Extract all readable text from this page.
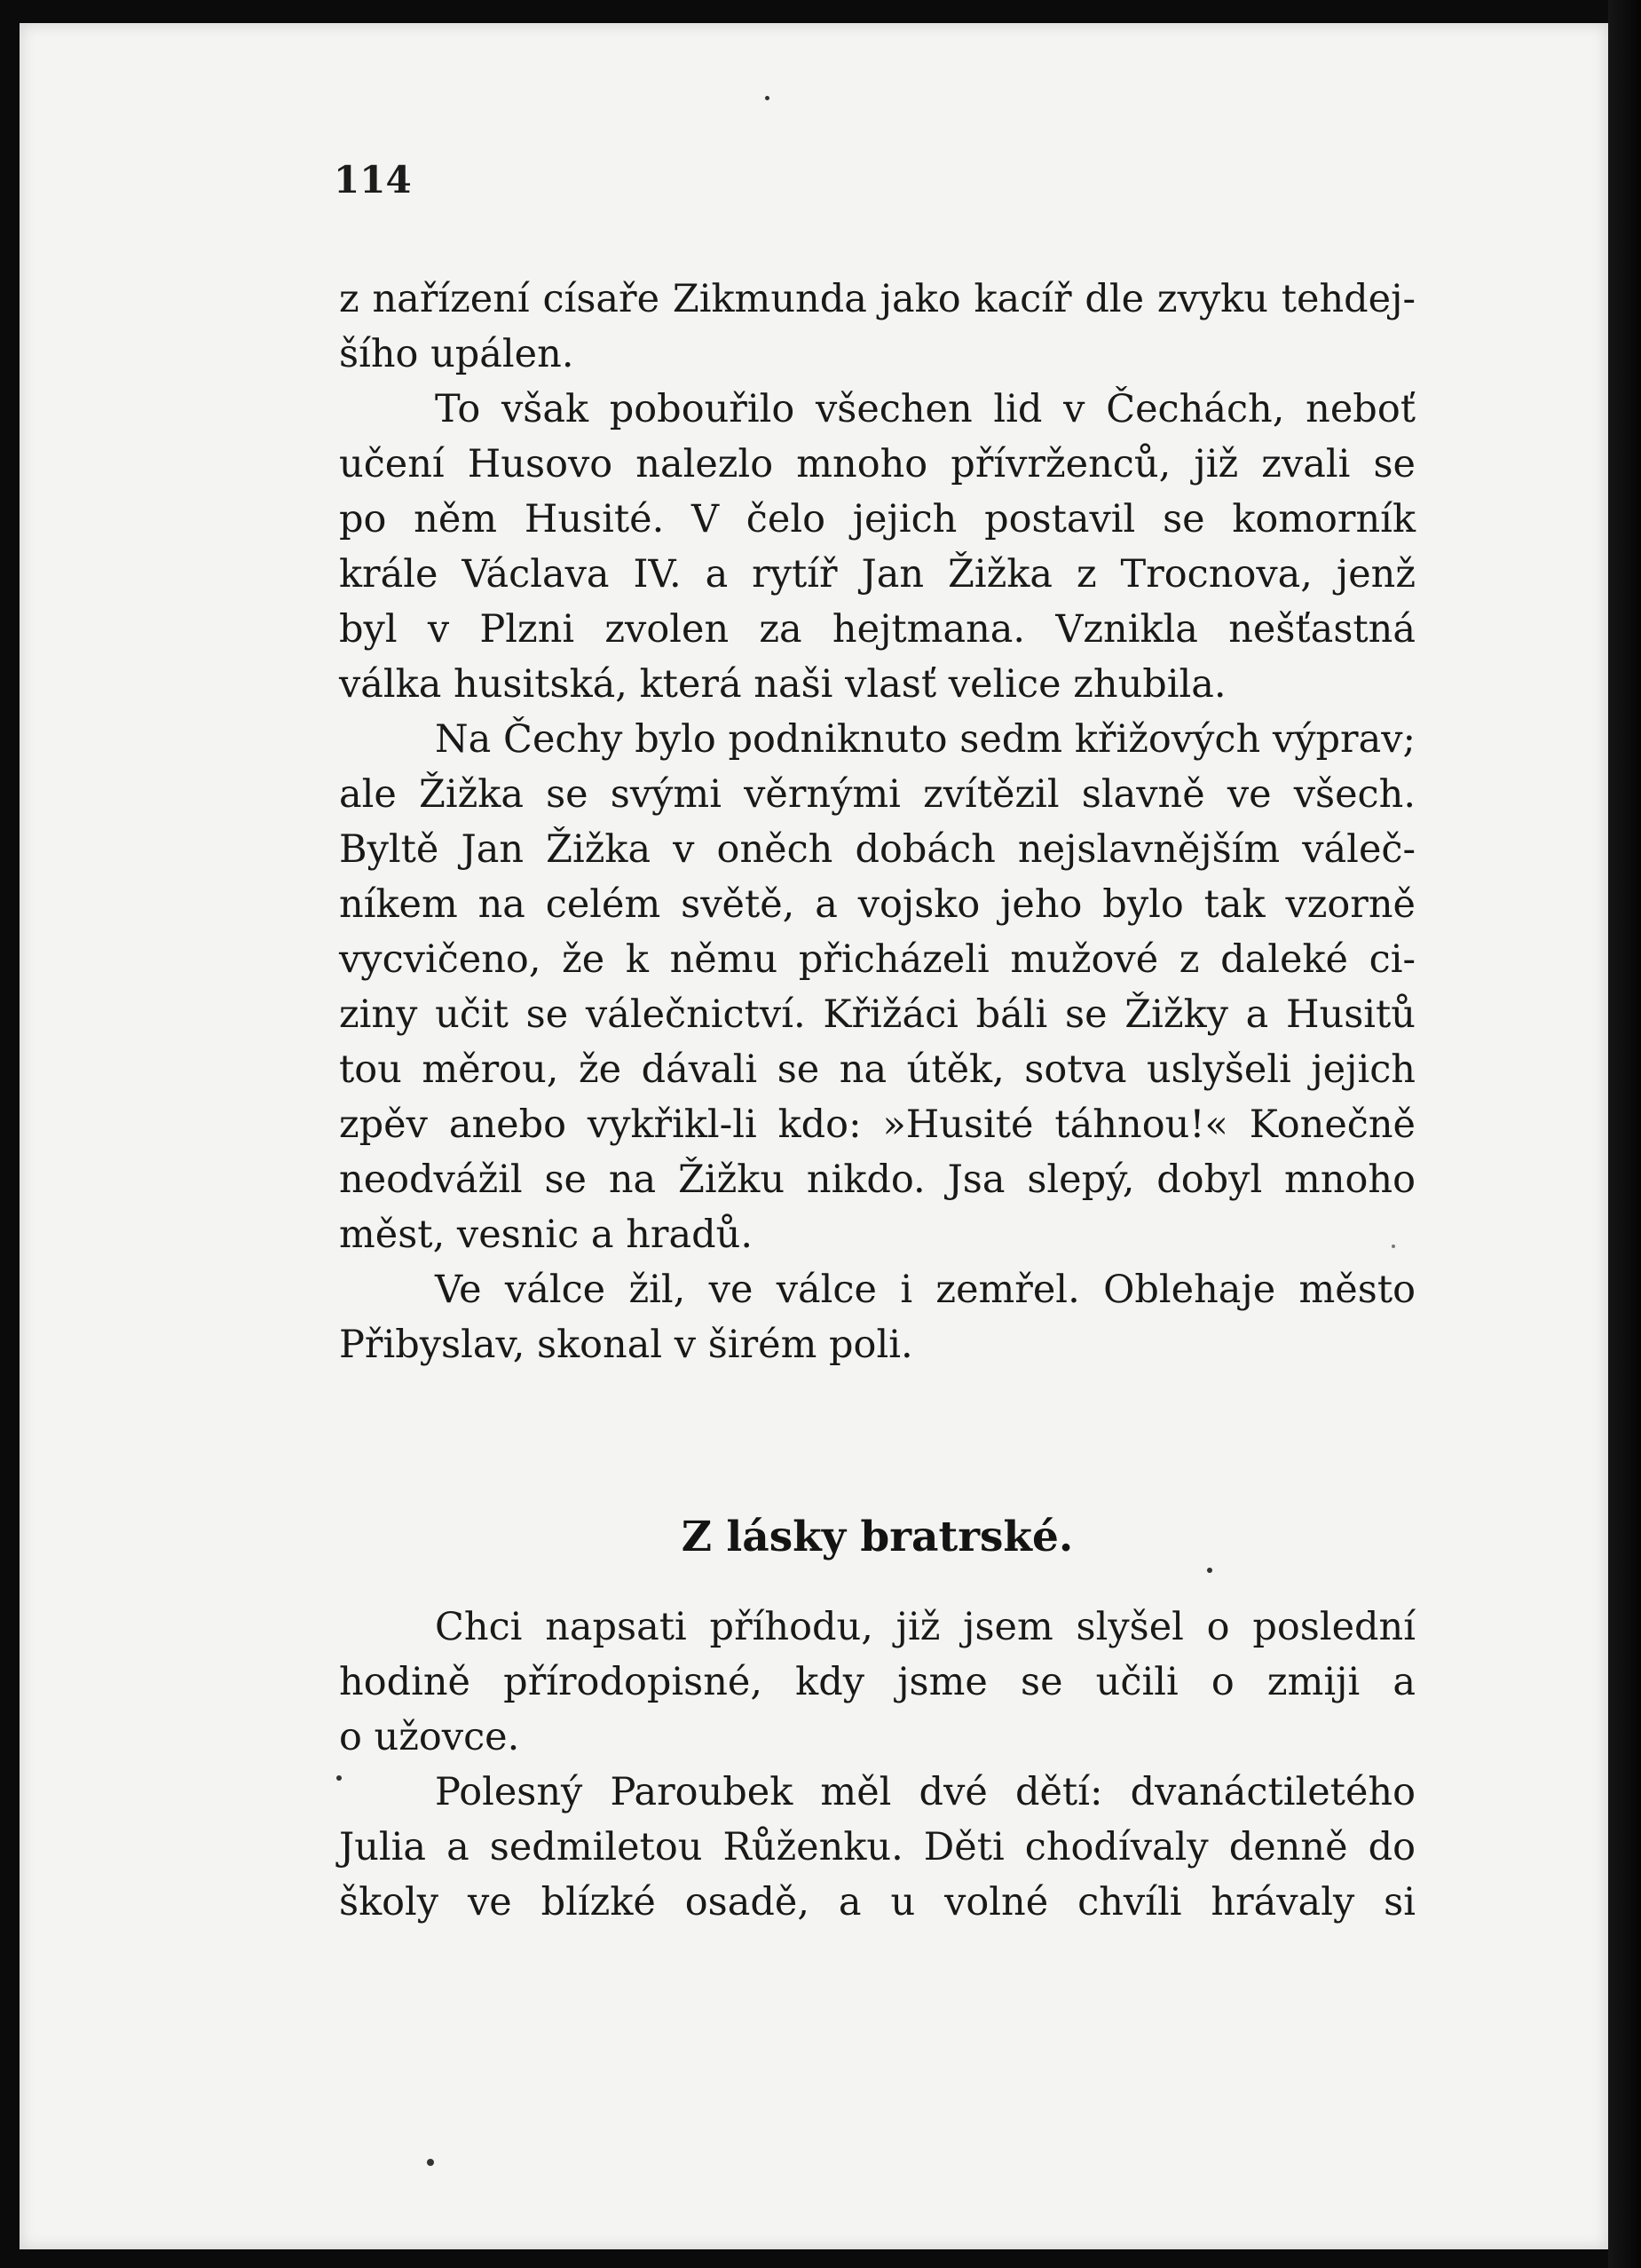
114
z nařízení císaře Zikmunda jako kacíř dle zvyku tehdej-
šího upálen.
To však pobouřilo všechen lid v Čechách, neboť
učení Husovo nalezlo mnoho přívrženců, již zvali se
po něm Husité. V čelo jejich postavil se komorník
krále Václava IV. a rytíř Jan Žižka z Trocnova, jenž
byl v Plzni zvolen za hejtmana. Vznikla nešťastná
válka husitská, která naši vlasť velice zhubila.
Na Čechy bylo podniknuto sedm křižových výprav;
ale Žižka se svými věrnými zvítězil slavně ve všech.
Byltě Jan Žižka v oněch dobách nejslavnějším váleč-
níkem na celém světě, a vojsko jeho bylo tak vzorně
vycvičeno, že k němu přicházeli mužové z daleké ci-
ziny učit se válečnictví. Křižáci báli se Žižky a Husitů
tou měrou, že dávali se na útěk, sotva uslyšeli jejich
zpěv anebo vykřikl-li kdo: »Husité táhnou!« Konečně
neodvážil se na Žižku nikdo. Jsa slepý, dobyl mnoho
měst, vesnic a hradů.
Ve válce žil, ve válce i zemřel. Oblehaje město
Přibyslav, skonal v širém poli.
Z lásky bratrské.
Chci napsati příhodu, již jsem slyšel o poslední
hodině přírodopisné, kdy jsme se učili o zmiji a
o užovce.
Polesný Paroubek měl dvé dětí: dvanáctiletého
Julia a sedmiletou Růženku. Děti chodívaly denně do
školy ve blízké osadě, a u volné chvíli hrávaly si
